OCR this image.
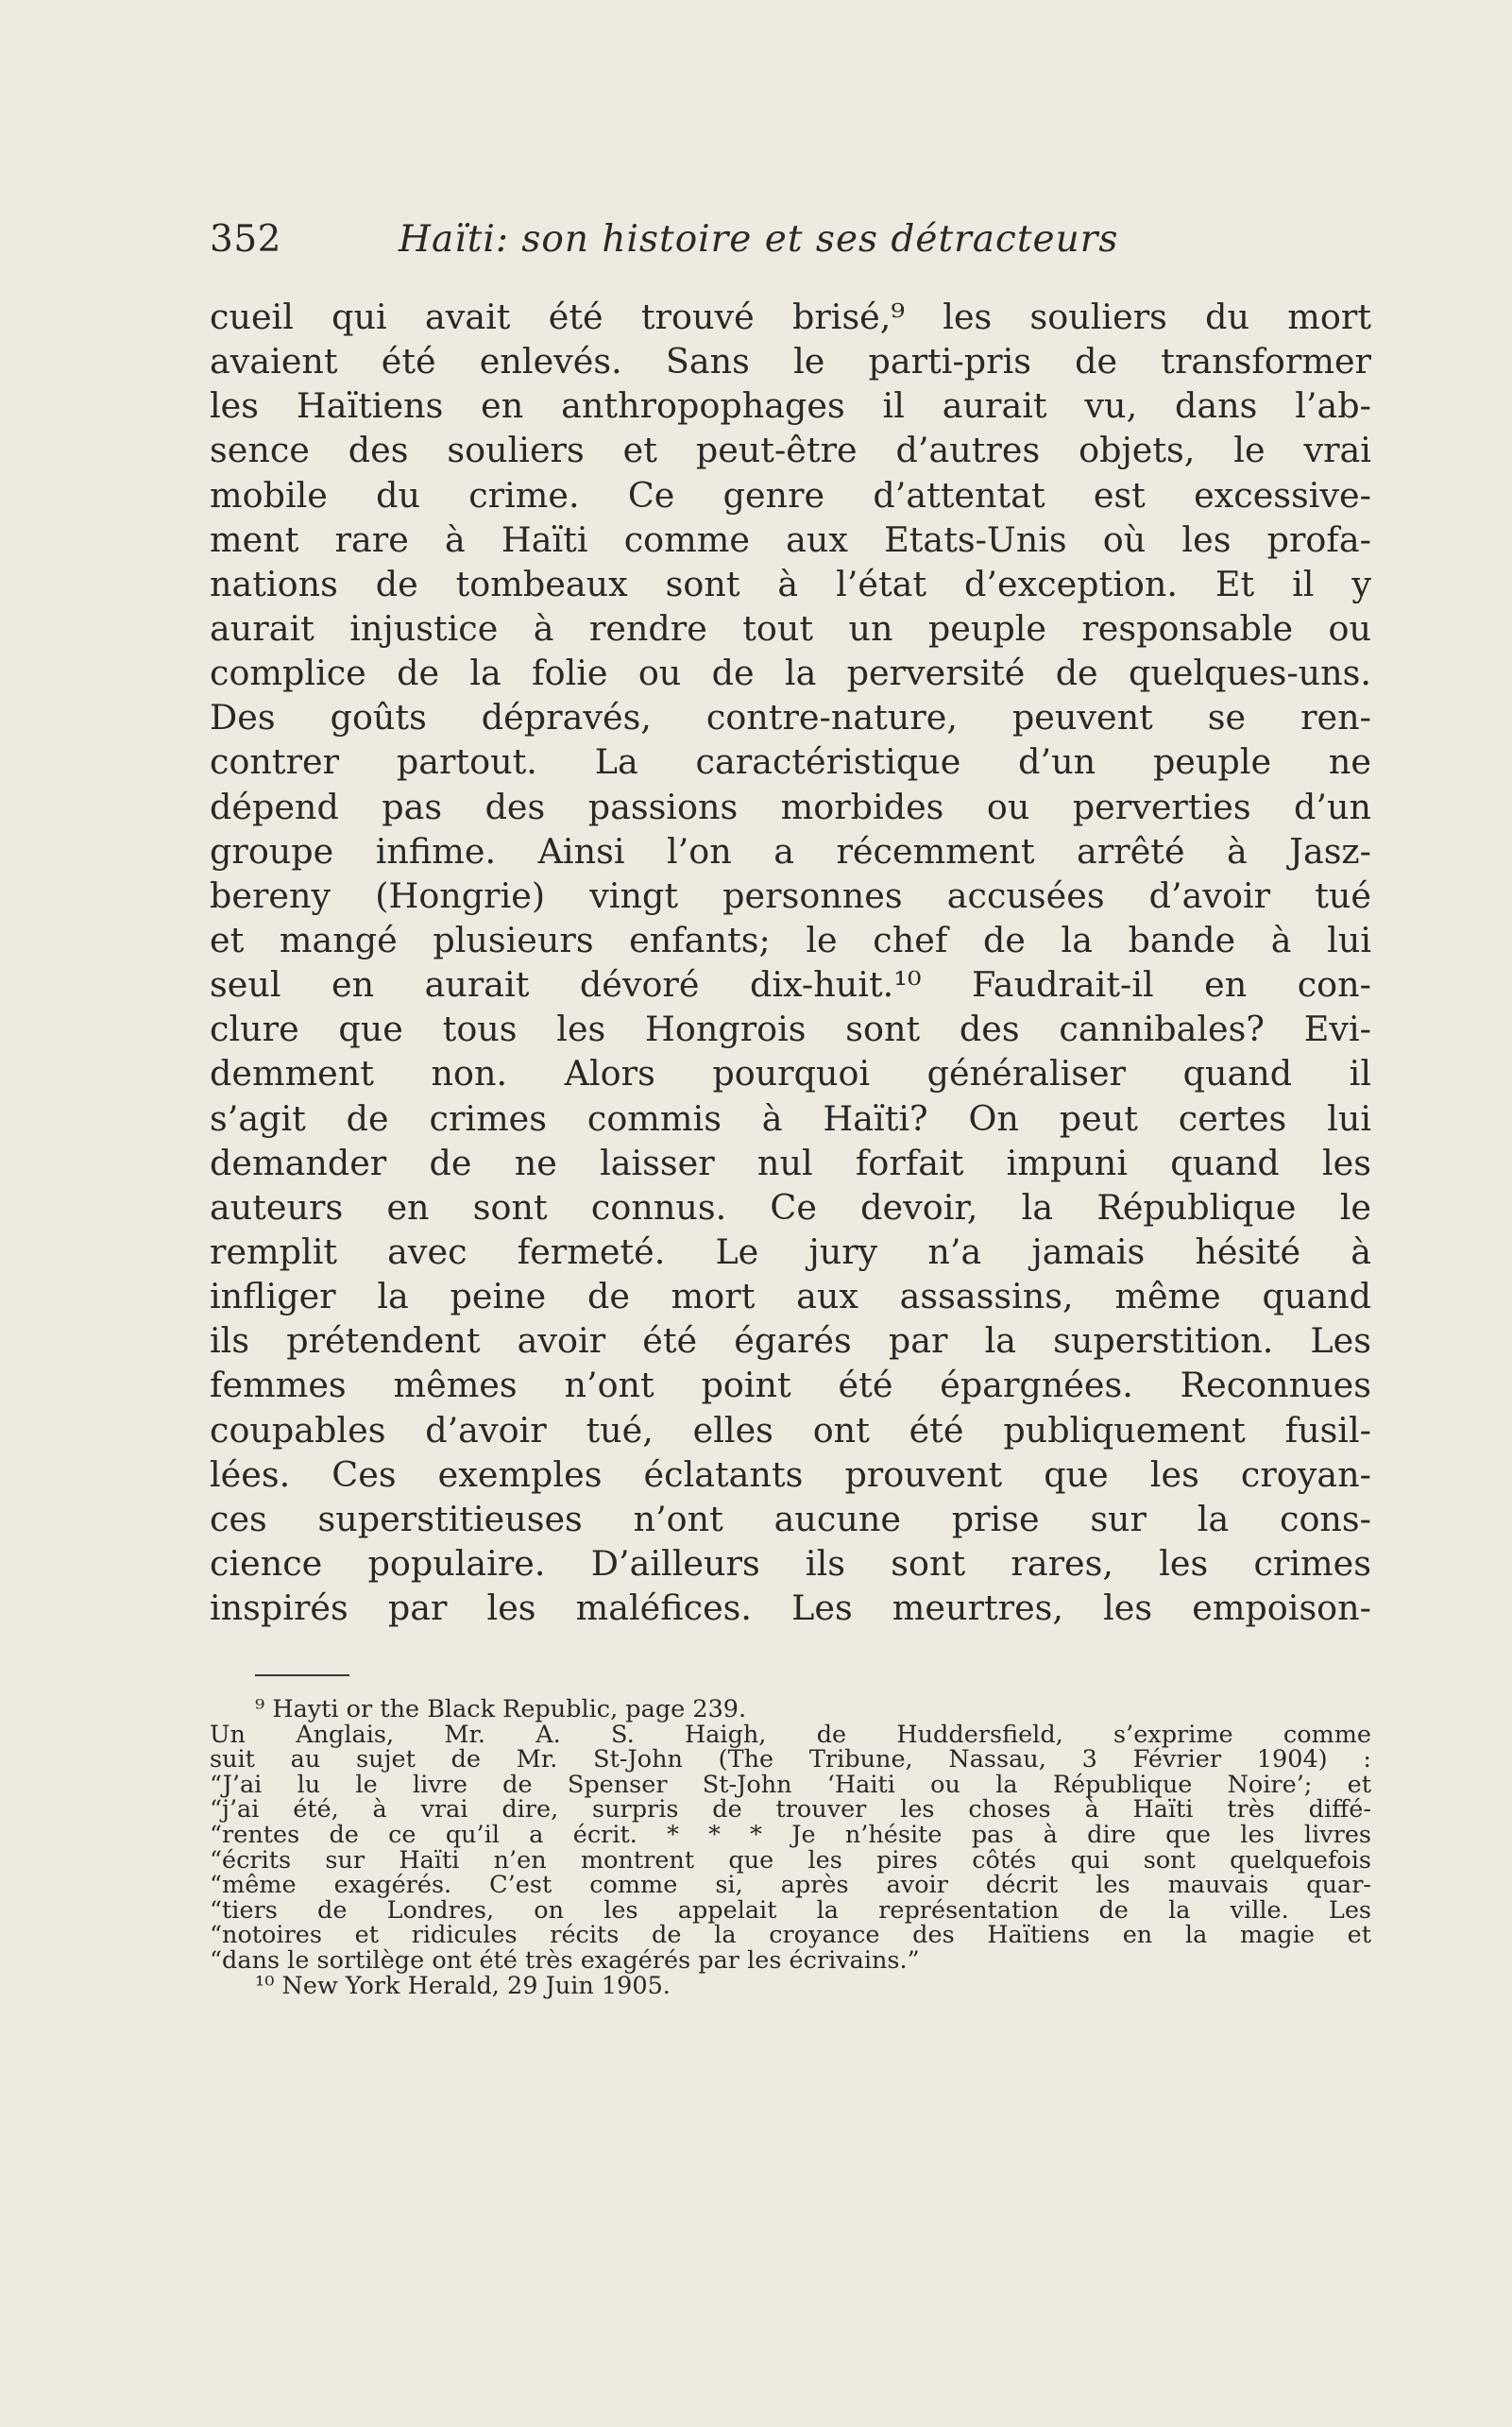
352	Haïti: son histoire et ses détracteurs
cueil qui avait été trouvé brisé,⁹ les souliers du mort
avaient été enlevés. Sans le parti-pris de transformer
les Haïtiens en anthropophages il aurait vu, dans l’ab-
sence des souliers et peut-être d’autres objets, le vrai
mobile du crime. Ce genre d’attentat est excessive-
ment rare à Haïti comme aux Etats-Unis où les profa-
nations de tombeaux sont à l’état d’exception. Et il y
aurait injustice à rendre tout un peuple responsable ou
complice de la folie ou de la perversité de quelques-uns.
Des goûts dépravés, contre-nature, peuvent se ren-
contrer partout. La caractéristique d’un peuple ne
dépend pas des passions morbides ou perverties d’un
groupe infime. Ainsi l’on a récemment arrêté à Jasz-
bereny (Hongrie) vingt personnes accusées d’avoir tué
et mangé plusieurs enfants; le chef de la bande à lui
seul en aurait dévoré dix-huit.¹⁰ Faudrait-il en con-
clure que tous les Hongrois sont des cannibales? Evi-
demment non. Alors pourquoi généraliser quand il
s’agit de crimes commis à Haïti? On peut certes lui
demander de ne laisser nul forfait impuni quand les
auteurs en sont connus. Ce devoir, la République le
remplit avec fermeté. Le jury n’a jamais hésité à
infliger la peine de mort aux assassins, même quand
ils prétendent avoir été égarés par la superstition. Les
femmes mêmes n’ont point été épargnées. Reconnues
coupables d’avoir tué, elles ont été publiquement fusil-
lées. Ces exemples éclatants prouvent que les croyan-
ces superstitieuses n’ont aucune prise sur la cons-
cience populaire. D’ailleurs ils sont rares, les crimes
inspirés par les maléfices. Les meurtres, les empoison-
⁹ Hayti or the Black Republic, page 239.
Un Anglais, Mr. A. S. Haigh, de Huddersfield, s’exprime comme
suit au sujet de Mr. St-John (The Tribune, Nassau, 3 Février 1904) :
“J’ai lu le livre de Spenser St-John ‘Haiti ou la République Noire’; et
“j’ai été, à vrai dire, surpris de trouver les choses à Haïti très diffé-
“rentes de ce qu’il a écrit. * * * Je n’hésite pas à dire que les livres
“écrits sur Haïti n’en montrent que les pires côtés qui sont quelquefois
“même exagérés. C’est comme si, après avoir décrit les mauvais quar-
“tiers de Londres, on les appelait la représentation de la ville. Les
“notoires et ridicules récits de la croyance des Haïtiens en la magie et
“dans le sortilège ont été très exagérés par les écrivains.”
¹⁰ New York Herald, 29 Juin 1905.
